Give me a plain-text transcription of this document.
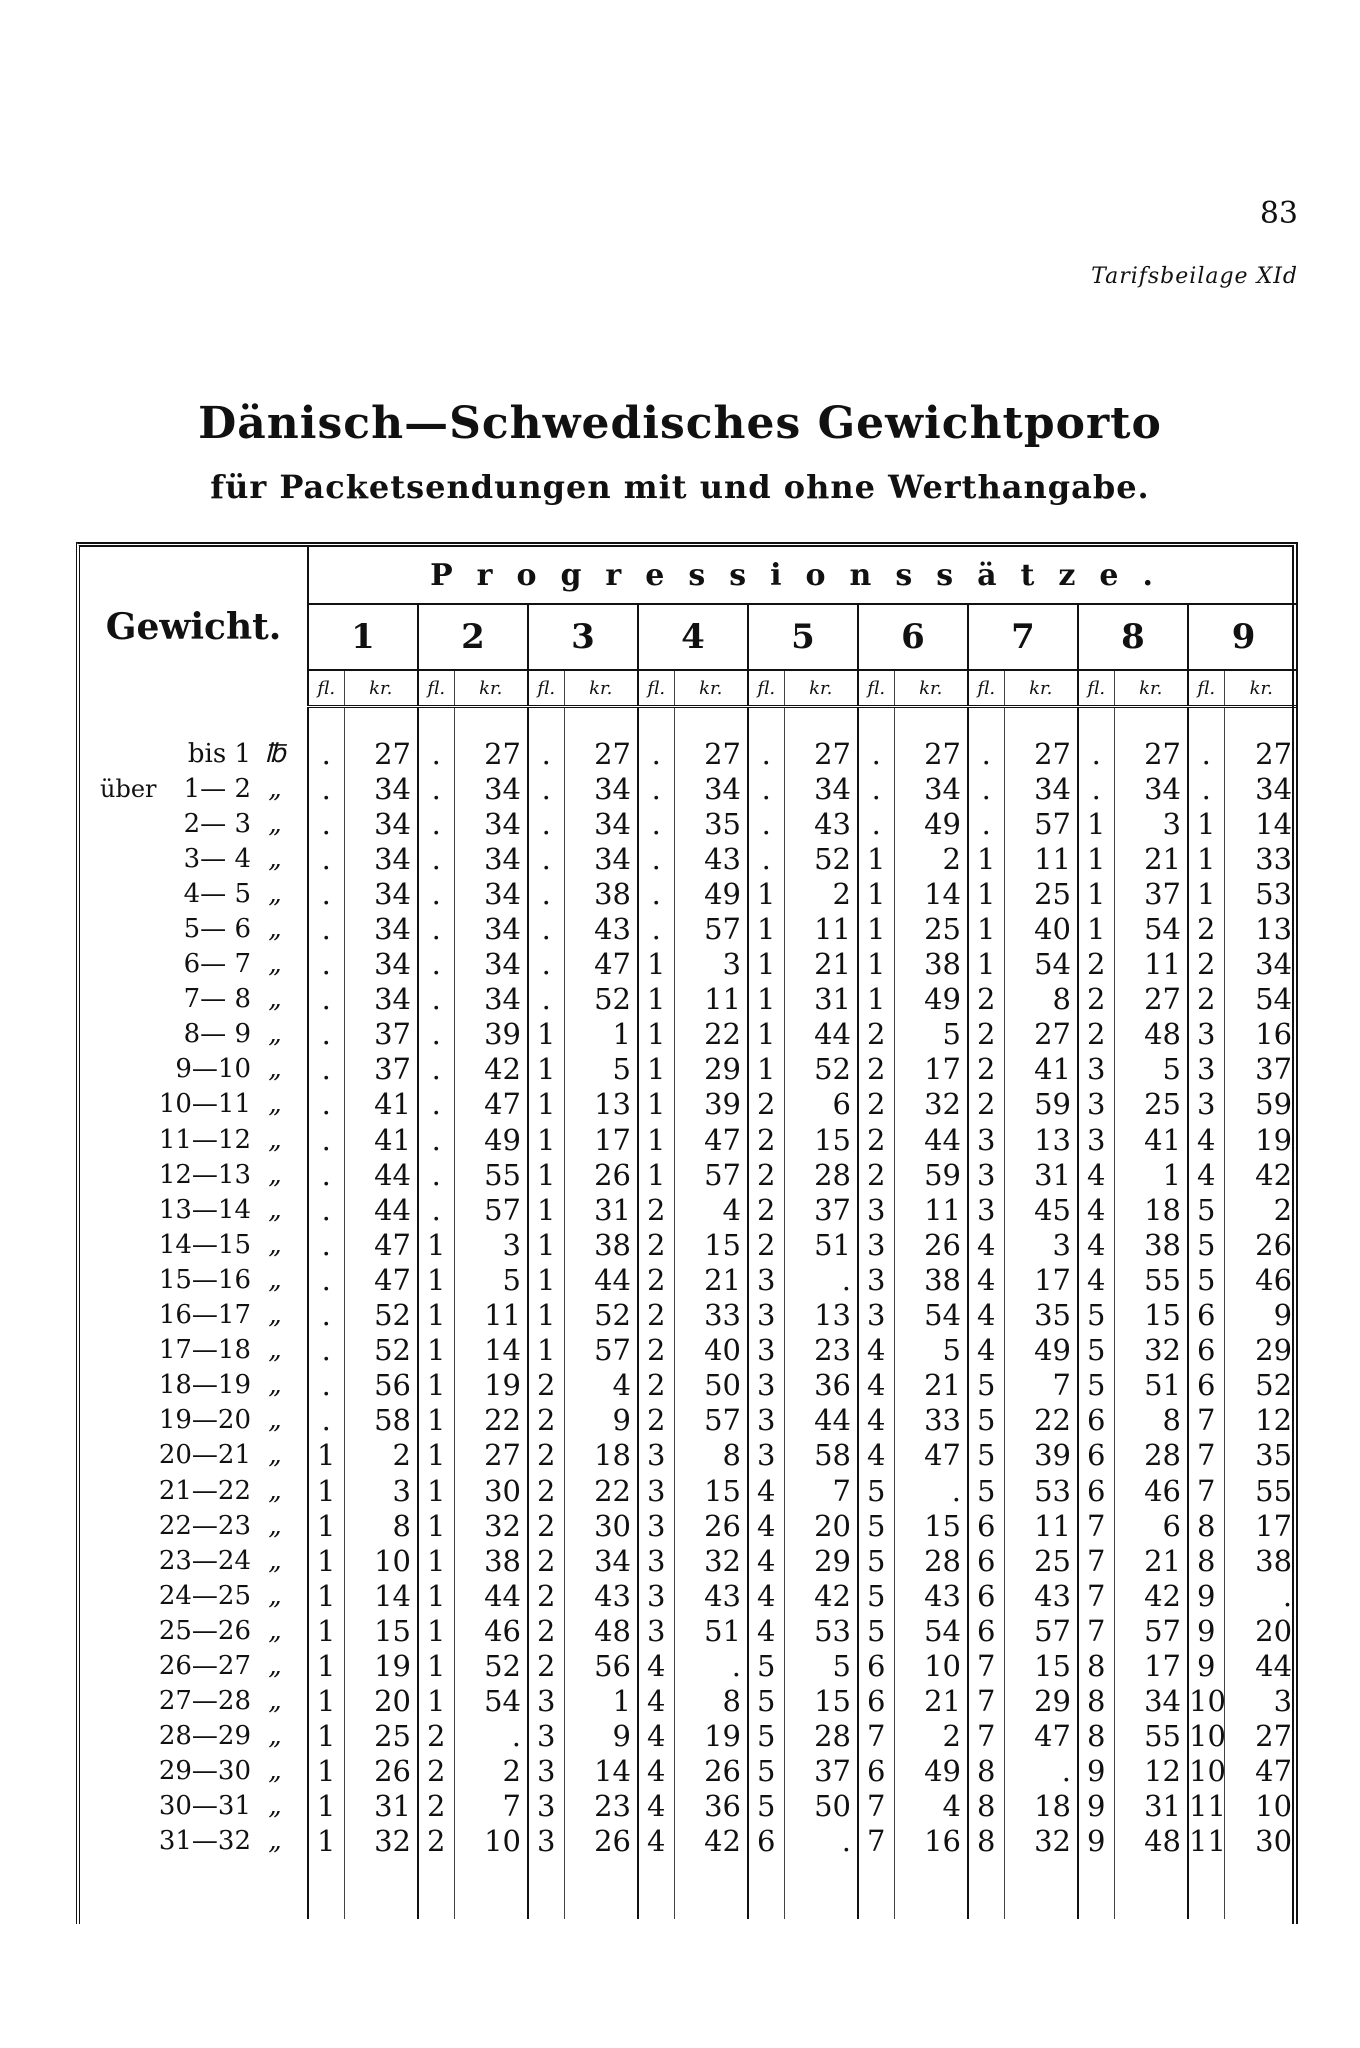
83
Tarifsbeilage XId
Dänisch—Schwedisches Gewichtporto
für Packetsendungen mit und ohne Werthangabe.
Gewicht.	Progressionssätze.																	
	1		2		3		4		5		6		7		8		9	
	fl.	kr.	fl.	kr.	fl.	kr.	fl.	kr.	fl.	kr.	fl.	kr.	fl.	kr.	fl.	kr.	fl.	kr.

bis 1 ℔	.	27	.	27	.	27	.	27	.	27	.	27	.	27	.	27	.	27

über 1— 2 „	.	34	.	34	.	34	.	34	.	34	.	34	.	34	.	34	.	34

2— 3 „	.	34	.	34	.	34	.	35	.	43	.	49	.	57	1	3	1	14

3— 4 „	.	34	.	34	.	34	.	43	.	52	1	2	1	11	1	21	1	33

4— 5 „	.	34	.	34	.	38	.	49	1	2	1	14	1	25	1	37	1	53

5— 6 „	.	34	.	34	.	43	.	57	1	11	1	25	1	40	1	54	2	13

6— 7 „	.	34	.	34	.	47	1	3	1	21	1	38	1	54	2	11	2	34

7— 8 „	.	34	.	34	.	52	1	11	1	31	1	49	2	8	2	27	2	54

8— 9 „	.	37	.	39	1	1	1	22	1	44	2	5	2	27	2	48	3	16

9—10 „	.	37	.	42	1	5	1	29	1	52	2	17	2	41	3	5	3	37

10—11 „	.	41	.	47	1	13	1	39	2	6	2	32	2	59	3	25	3	59

11—12 „	.	41	.	49	1	17	1	47	2	15	2	44	3	13	3	41	4	19

12—13 „	.	44	.	55	1	26	1	57	2	28	2	59	3	31	4	1	4	42

13—14 „	.	44	.	57	1	31	2	4	2	37	3	11	3	45	4	18	5	2

14—15 „	.	47	1	3	1	38	2	15	2	51	3	26	4	3	4	38	5	26

15—16 „	.	47	1	5	1	44	2	21	3	.	3	38	4	17	4	55	5	46

16—17 „	.	52	1	11	1	52	2	33	3	13	3	54	4	35	5	15	6	9

17—18 „	.	52	1	14	1	57	2	40	3	23	4	5	4	49	5	32	6	29

18—19 „	.	56	1	19	2	4	2	50	3	36	4	21	5	7	5	51	6	52

19—20 „	.	58	1	22	2	9	2	57	3	44	4	33	5	22	6	8	7	12

20—21 „	1	2	1	27	2	18	3	8	3	58	4	47	5	39	6	28	7	35

21—22 „	1	3	1	30	2	22	3	15	4	7	5	.	5	53	6	46	7	55

22—23 „	1	8	1	32	2	30	3	26	4	20	5	15	6	11	7	6	8	17

23—24 „	1	10	1	38	2	34	3	32	4	29	5	28	6	25	7	21	8	38

24—25 „	1	14	1	44	2	43	3	43	4	42	5	43	6	43	7	42	9	.

25—26 „	1	15	1	46	2	48	3	51	4	53	5	54	6	57	7	57	9	20

26—27 „	1	19	1	52	2	56	4	.	5	5	6	10	7	15	8	17	9	44

27—28 „	1	20	1	54	3	1	4	8	5	15	6	21	7	29	8	34	10	3

28—29 „	1	25	2	.	3	9	4	19	5	28	7	2	7	47	8	55	10	27

29—30 „	1	26	2	2	3	14	4	26	5	37	6	49	8	.	9	12	10	47

30—31 „	1	31	2	7	3	23	4	36	5	50	7	4	8	18	9	31	11	10

31—32 „	1	32	2	10	3	26	4	42	6	.	7	16	8	32	9	48	11	30
